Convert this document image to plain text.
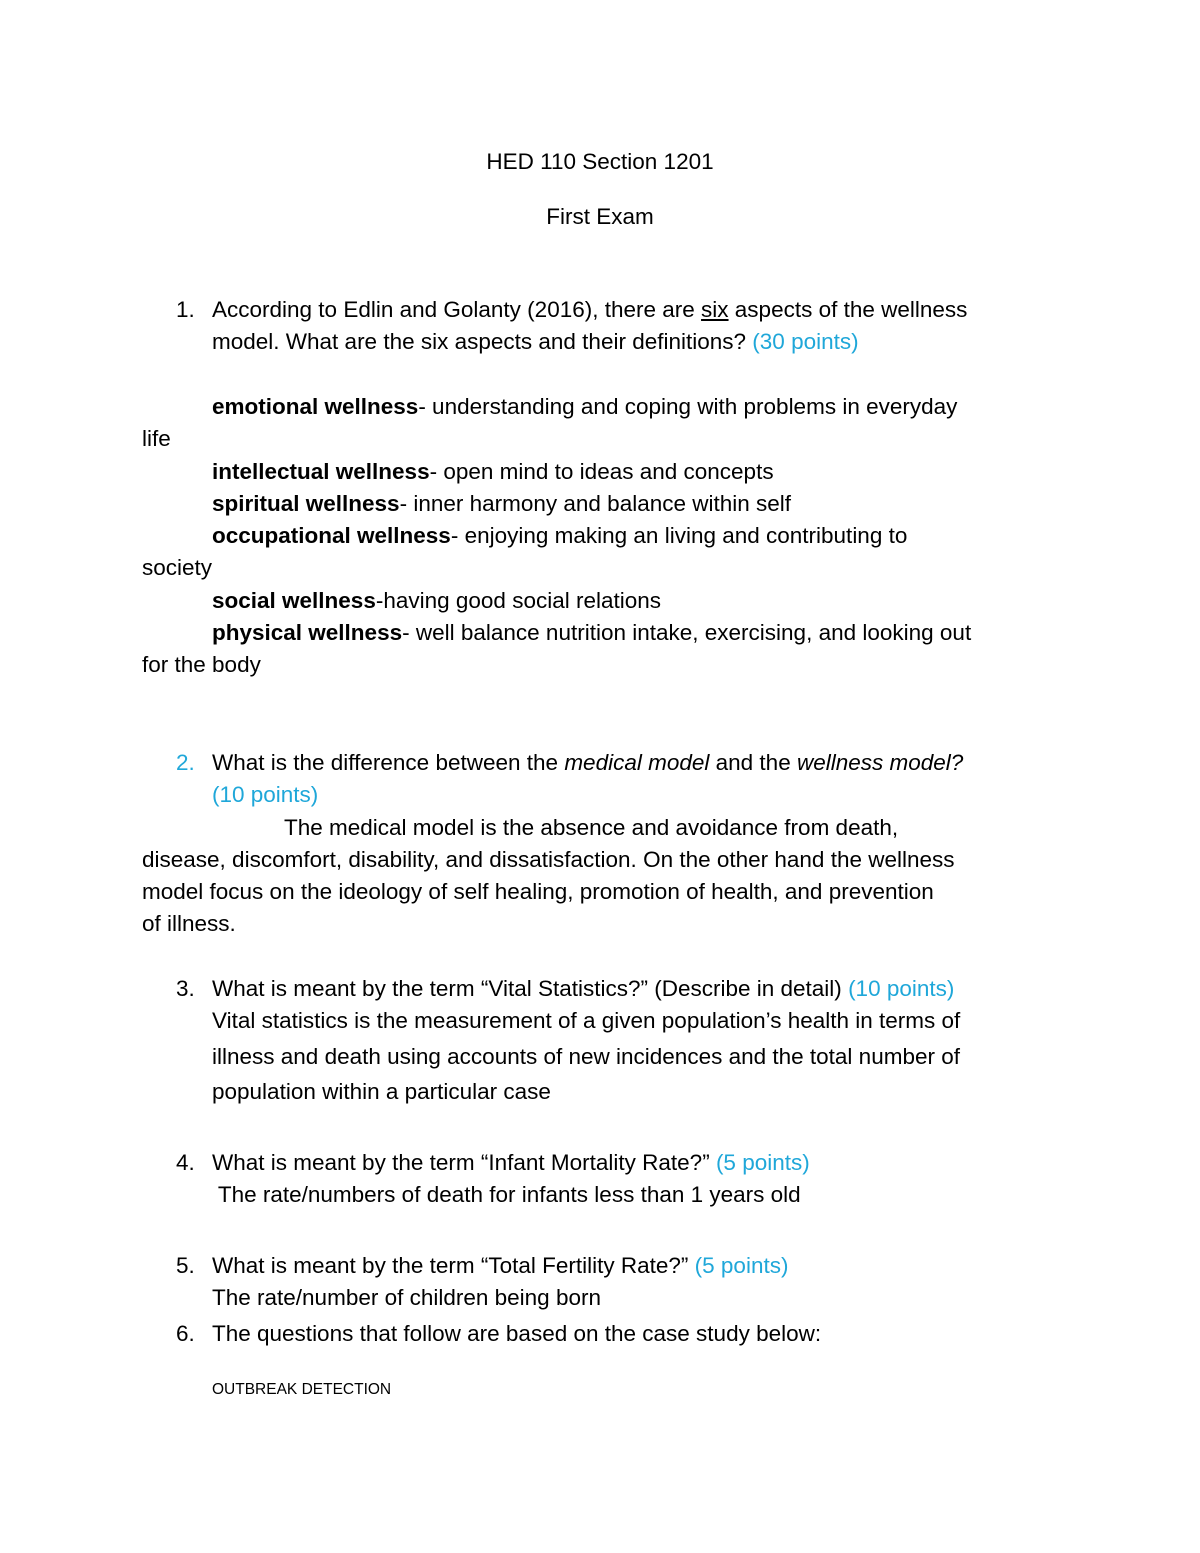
HED 110 Section 1201
First Exam
1. According to Edlin and Golanty (2016), there are six aspects of the wellness
model. What are the six aspects and their definitions? (30 points)
emotional wellness- understanding and coping with problems in everyday
life
intellectual wellness- open mind to ideas and concepts
spiritual wellness- inner harmony and balance within self
occupational wellness- enjoying making an living and contributing to
society
social wellness-having good social relations
physical wellness- well balance nutrition intake, exercising, and looking out
for the body
2. What is the difference between the medical model and the wellness model?
(10 points)
The medical model is the absence and avoidance from death,
disease, discomfort, disability, and dissatisfaction. On the other hand the wellness
model focus on the ideology of self healing, promotion of health, and prevention
of illness.
3. What is meant by the term “Vital Statistics?” (Describe in detail) (10 points)
Vital statistics is the measurement of a given population’s health in terms of
illness and death using accounts of new incidences and the total number of
population within a particular case
4. What is meant by the term “Infant Mortality Rate?” (5 points)
The rate/numbers of death for infants less than 1 years old
5. What is meant by the term “Total Fertility Rate?” (5 points)
The rate/number of children being born
6. The questions that follow are based on the case study below:
OUTBREAK DETECTION
